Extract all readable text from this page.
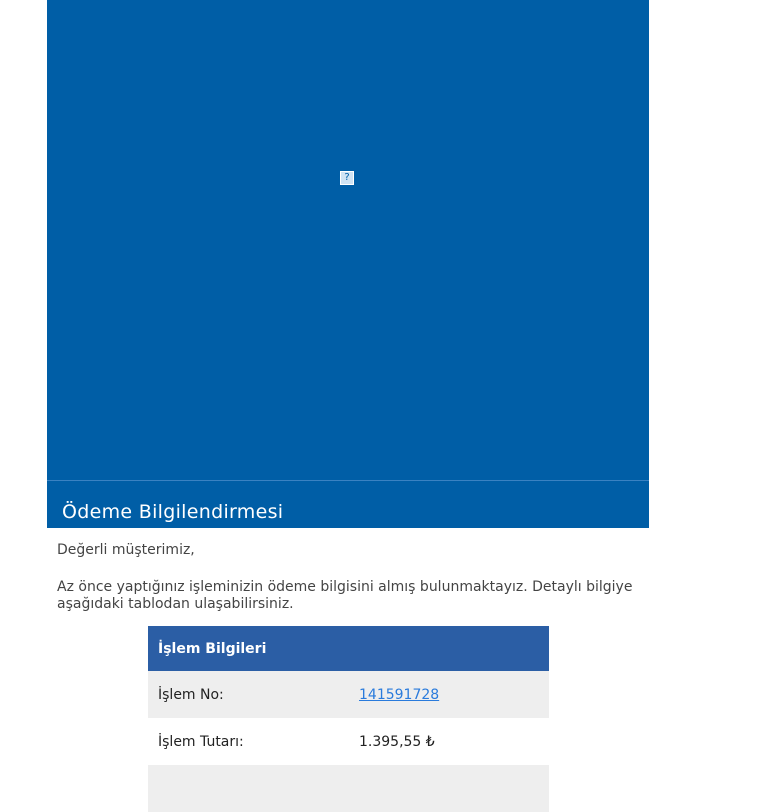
?
Ödeme Bilgilendirmesi
Değerli müşterimiz,
Az önce yaptığınız işleminizin ödeme bilgisini almış bulunmaktayız. Detaylı bilgiye aşağıdaki tablodan ulaşabilirsiniz.
İşlem Bilgileri	
İşlem No:	141591728
İşlem Tutarı:	1.395,55 ₺
